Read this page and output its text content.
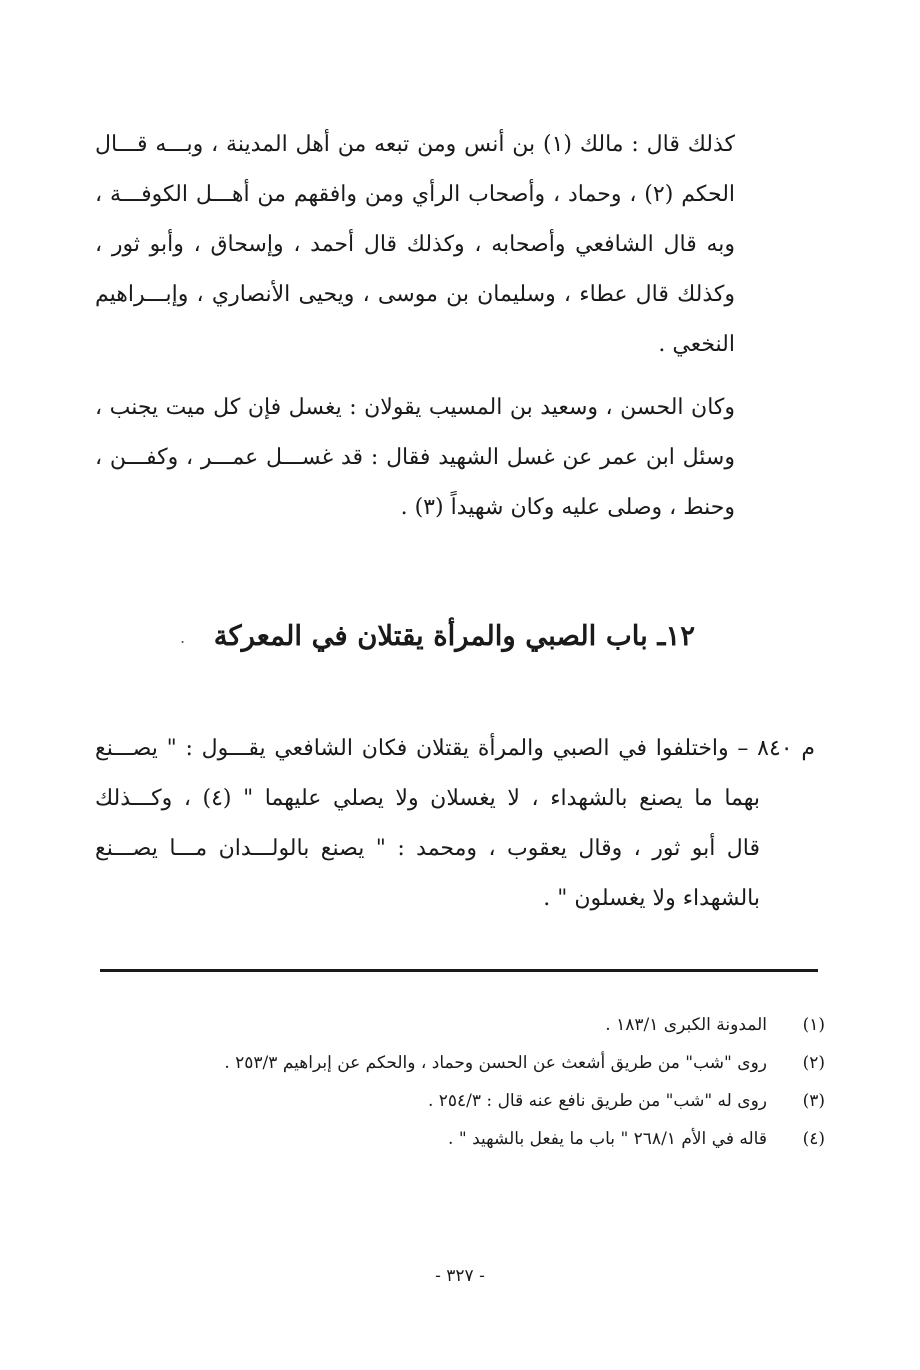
كذلك قال : مالك (١) بن أنس ومن تبعه من أهل المدينة ، وبـــه قـــال
الحكم (٢) ، وحماد ، وأصحاب الرأي ومن وافقهم من أهـــل الكوفـــة ،
وبه قال الشافعي وأصحابه ، وكذلك قال أحمد ، وإسحاق ، وأبو ثور ،
وكذلك قال عطاء ، وسليمان بن موسى ، ويحيى الأنصاري ، وإبـــراهيم
النخعي .
وكان الحسن ، وسعيد بن المسيب يقولان : يغسل فإن كل ميت يجنب ،
وسئل ابن عمر عن غسل الشهيد فقال : قد غســـل عمـــر ، وكفـــن ،
وحنط ، وصلى عليه وكان شهيداً (٣) .
١٢ـ باب الصبي والمرأة يقتلان في المعركة
.
م ٨٤٠ – واختلفوا في الصبي والمرأة يقتلان فكان الشافعي يقـــول : " يصـــنع
بهما ما يصنع بالشهداء ، لا يغسلان ولا يصلي عليهما " (٤) ، وكـــذلك
قال أبو ثور ، وقال يعقوب ، ومحمد : " يصنع بالولـــدان مـــا يصـــنع
بالشهداء ولا يغسلون " .
(١)
المدونة الكبرى ١٨٣/١ .
(٢)
روى "شب" من طريق أشعث عن الحسن وحماد ، والحكم عن إبراهيم ٢٥٣/٣ .
(٣)
روى له "شب" من طريق نافع عنه قال : ٢٥٤/٣ .
(٤)
قاله في الأم ٢٦٨/١ " باب ما يفعل بالشهيد " .
- ٣٢٧ -
